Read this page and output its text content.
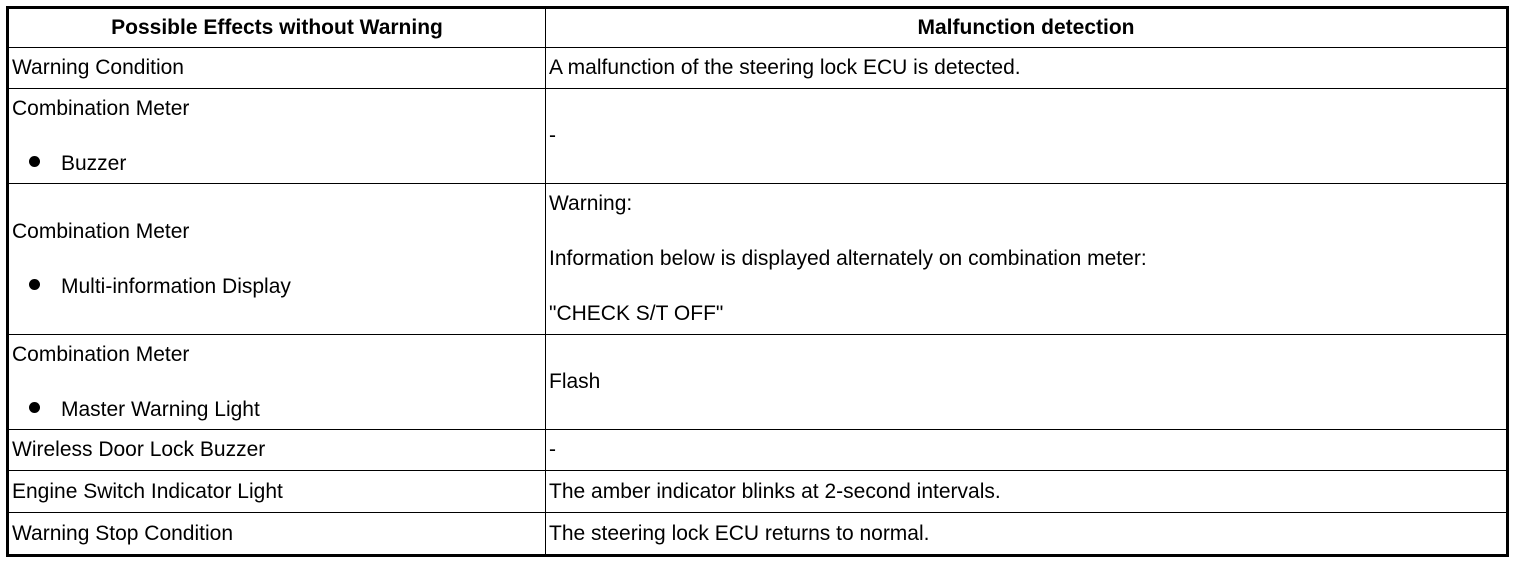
Possible Effects without Warning	Malfunction detection
Warning Condition	A malfunction of the steering lock ECU is detected.

Combination Meter
Buzzer	-

Combination Meter
Multi-information Display	Warning:
Information below is displayed alternately on combination meter:
"CHECK S/T OFF"

Combination Meter
Master Warning Light	Flash
Wireless Door Lock Buzzer	-
Engine Switch Indicator Light	The amber indicator blinks at 2-second intervals.
Warning Stop Condition	The steering lock ECU returns to normal.
